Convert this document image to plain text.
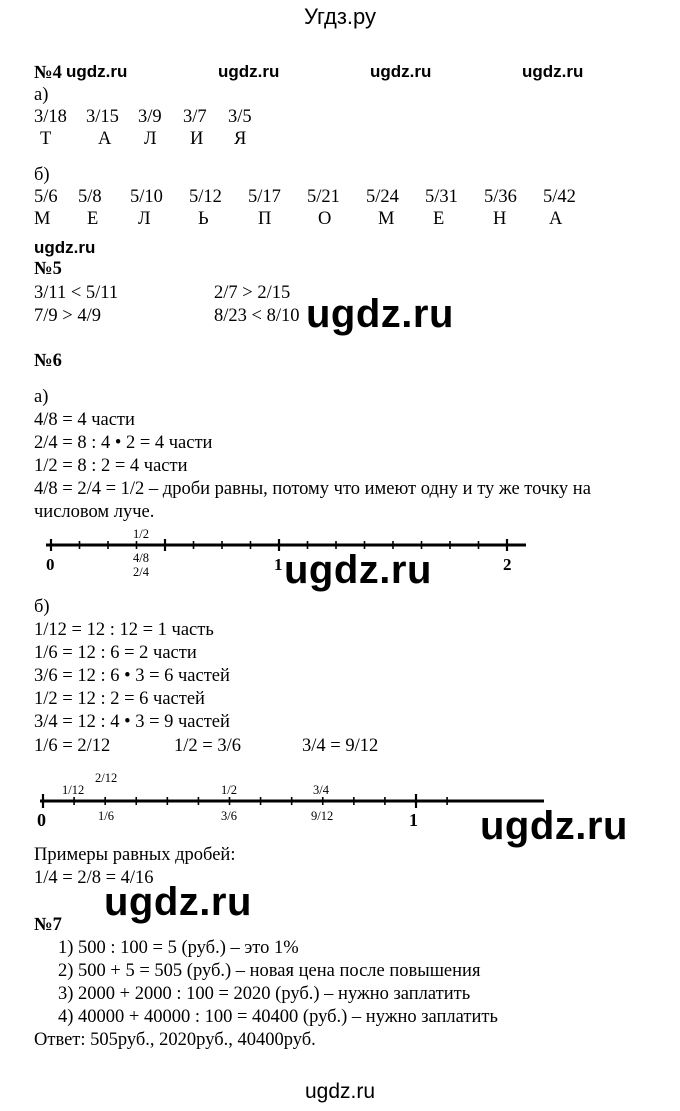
Угдз.ру
№4 ugdz.ru	ugdz.ru	ugdz.ru	ugdz.ru
а)
3/18 3/15 3/9 3/7 3/5
Т	А Л И Я
б)
5/6 5/8 5/10 5/12 5/17 5/21 5/24 5/31 5/36 5/42
М Е Л	Ь	П	О	М Е	Н А
ugdz.ru
№5
3/11 < 5/11	2/7 > 2/15
7/9 > 4/9	8/23 < 8/10 ugdz.ru
№6
а)
4/8 = 4 части
2/4 = 8 : 4 • 2 = 4 части
1/2 = 8 : 2 = 4 части
4/8 = 2/4 = 1/2 – дроби равны, потому что имеют одну и ту же точку на
числовом луче.
1/2
4/8
2/4
0	1	2
ugdz.ru
б)
1/12 = 12 : 12 = 1 часть
1/6 = 12 : 6 = 2 части
3/6 = 12 : 6 • 3 = 6 частей
1/2 = 12 : 2 = 6 частей
3/4 = 12 : 4 • 3 = 9 частей
1/6 = 2/12	1/2 = 3/6	3/4 = 9/12
1/12
2/12
1/2	3/4
1/6	3/6	9/12
0	1 ugdz.ru
Примеры равных дробей:
1/4 = 2/8 = 4/16
ugdz.ru
№7
1) 500 : 100 = 5 (руб.) – это 1%
2) 500 + 5 = 505 (руб.) – новая цена после повышения
3) 2000 + 2000 : 100 = 2020 (руб.) – нужно заплатить
4) 40000 + 40000 : 100 = 40400 (руб.) – нужно заплатить
Ответ: 505руб., 2020руб., 40400руб.
ugdz.ru
